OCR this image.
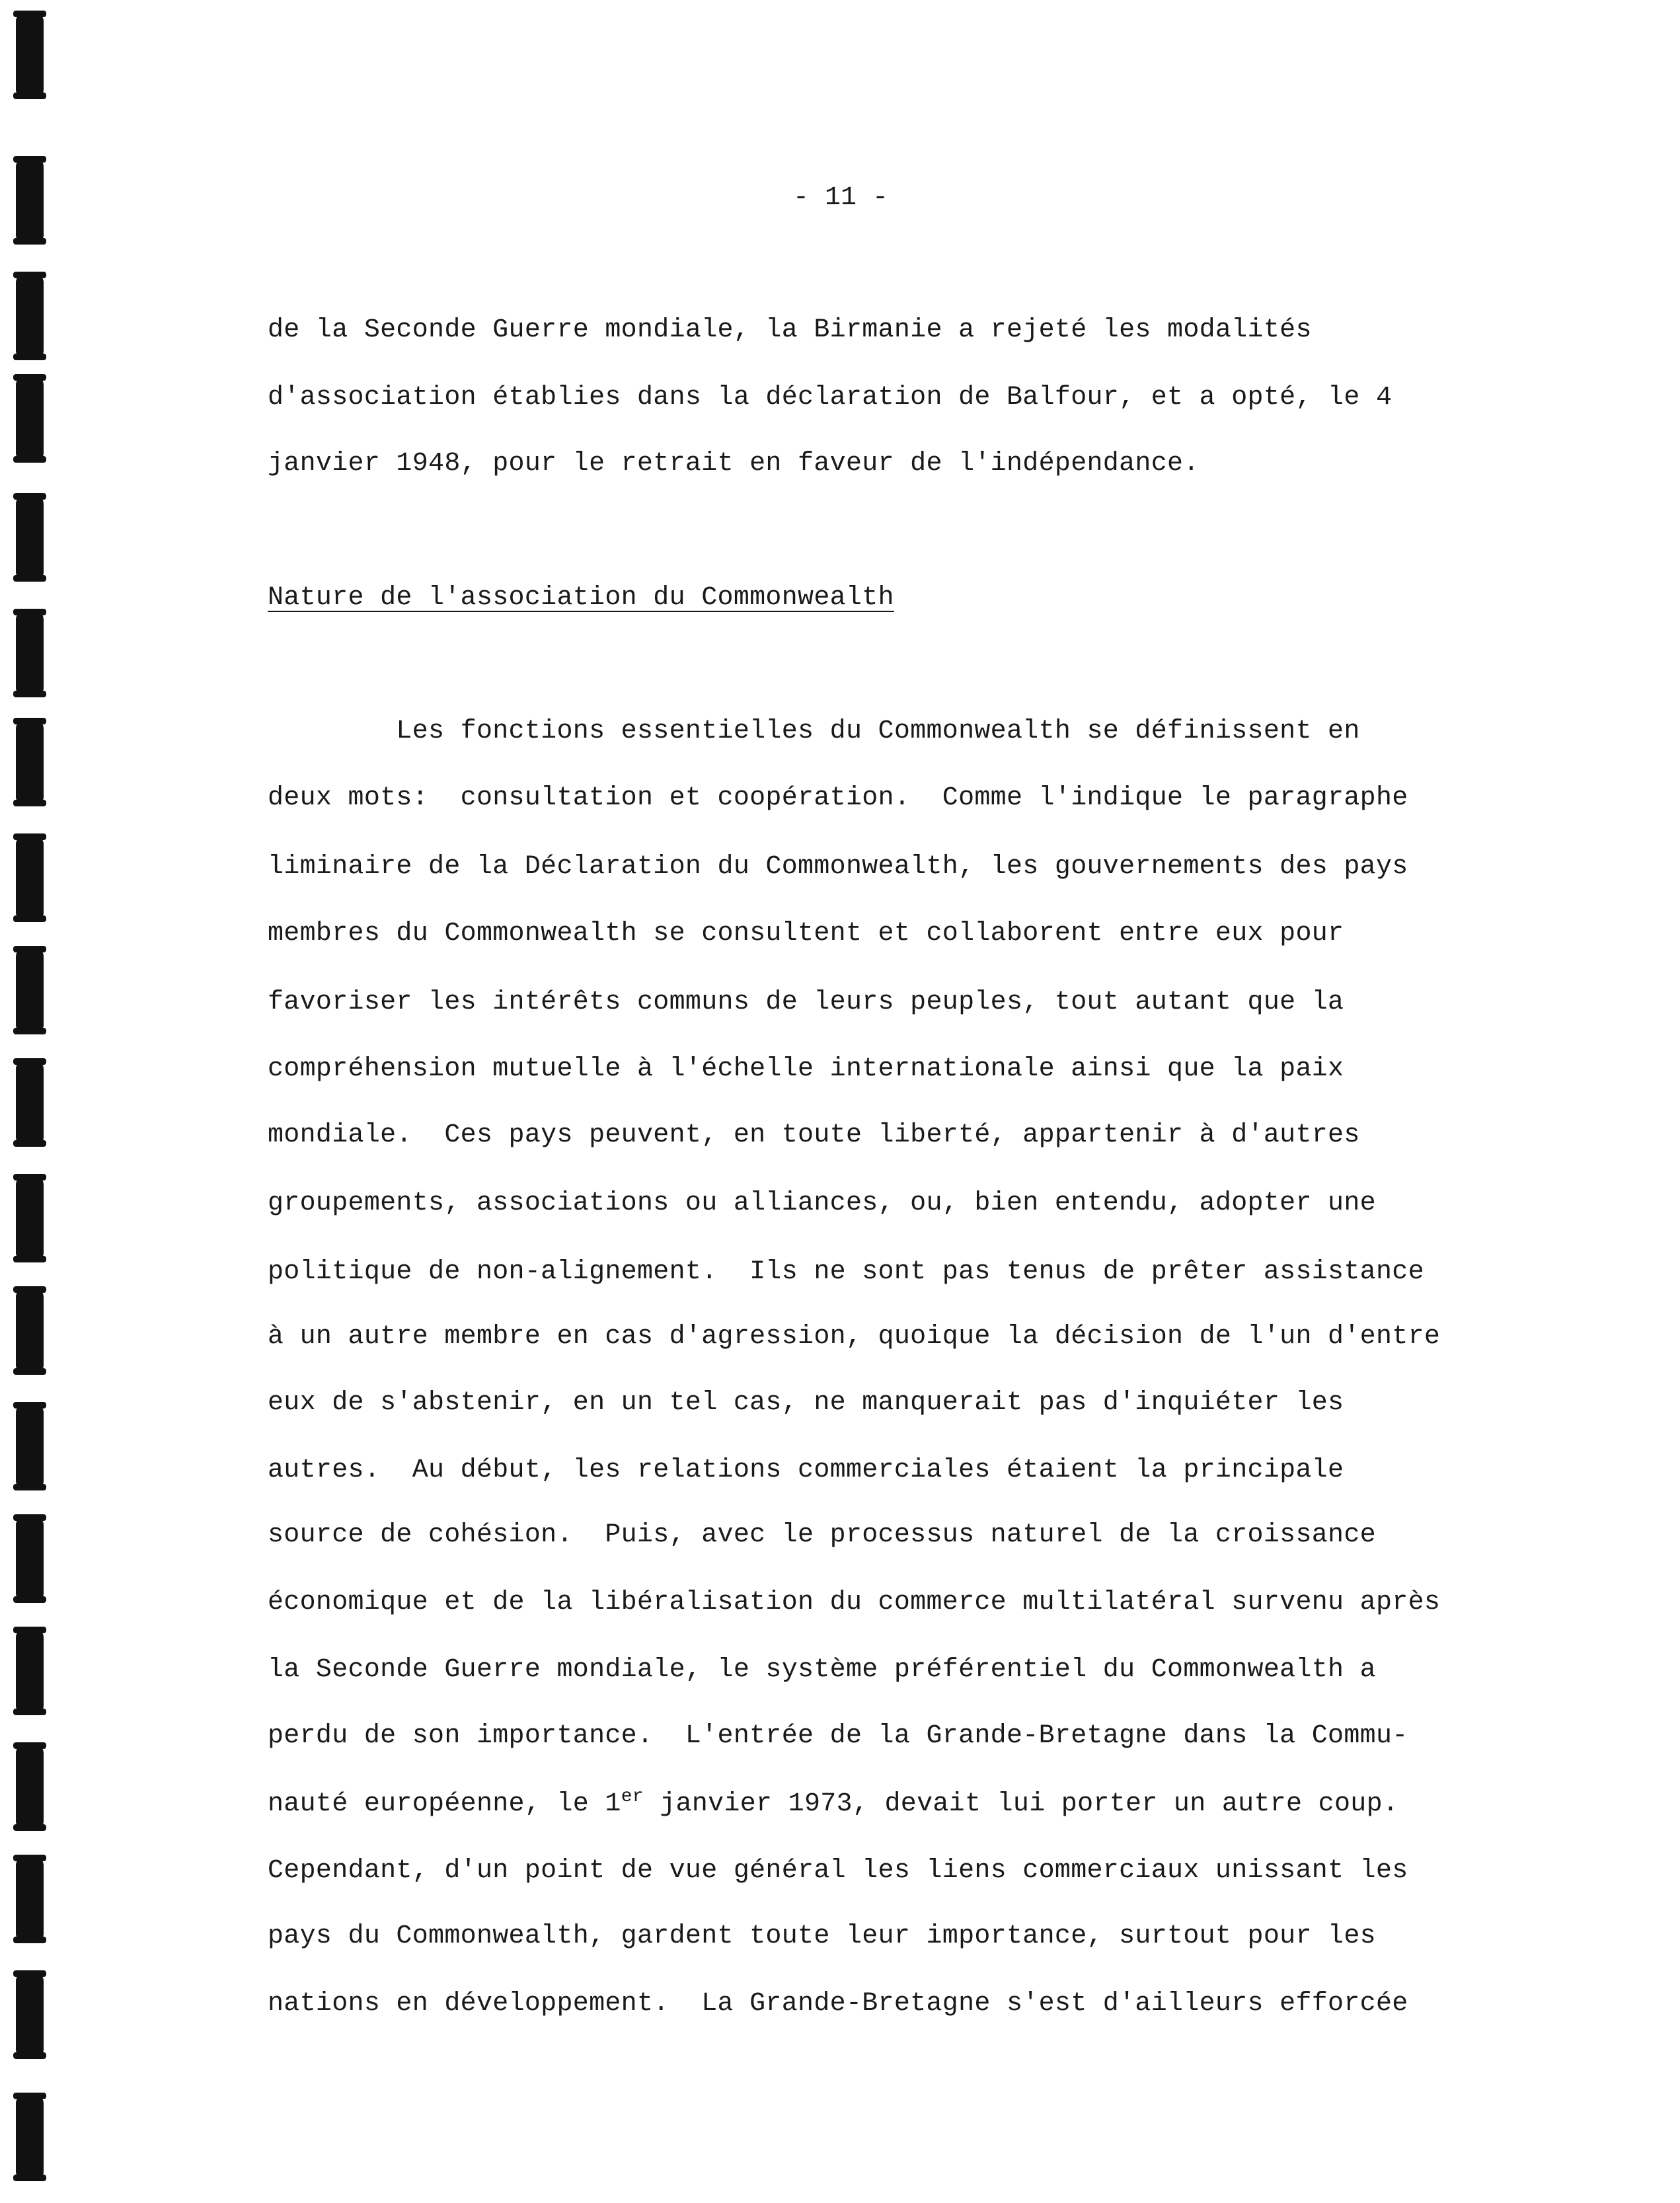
- 11 -
de la Seconde Guerre mondiale, la Birmanie a rejeté les modalités
d'association établies dans la déclaration de Balfour, et a opté, le 4
janvier 1948, pour le retrait en faveur de l'indépendance.
Nature de l'association du Commonwealth
Les fonctions essentielles du Commonwealth se définissent en
deux mots:  consultation et coopération.  Comme l'indique le paragraphe
liminaire de la Déclaration du Commonwealth, les gouvernements des pays
membres du Commonwealth se consultent et collaborent entre eux pour
favoriser les intérêts communs de leurs peuples, tout autant que la
compréhension mutuelle à l'échelle internationale ainsi que la paix
mondiale.  Ces pays peuvent, en toute liberté, appartenir à d'autres
groupements, associations ou alliances, ou, bien entendu, adopter une
politique de non-alignement.  Ils ne sont pas tenus de prêter assistance
à un autre membre en cas d'agression, quoique la décision de l'un d'entre
eux de s'abstenir, en un tel cas, ne manquerait pas d'inquiéter les
autres.  Au début, les relations commerciales étaient la principale
source de cohésion.  Puis, avec le processus naturel de la croissance
économique et de la libéralisation du commerce multilatéral survenu après
la Seconde Guerre mondiale, le système préférentiel du Commonwealth a
perdu de son importance.  L'entrée de la Grande-Bretagne dans la Commu-
nauté européenne, le 1er janvier 1973, devait lui porter un autre coup.
Cependant, d'un point de vue général les liens commerciaux unissant les
pays du Commonwealth, gardent toute leur importance, surtout pour les
nations en développement.  La Grande-Bretagne s'est d'ailleurs efforcée
